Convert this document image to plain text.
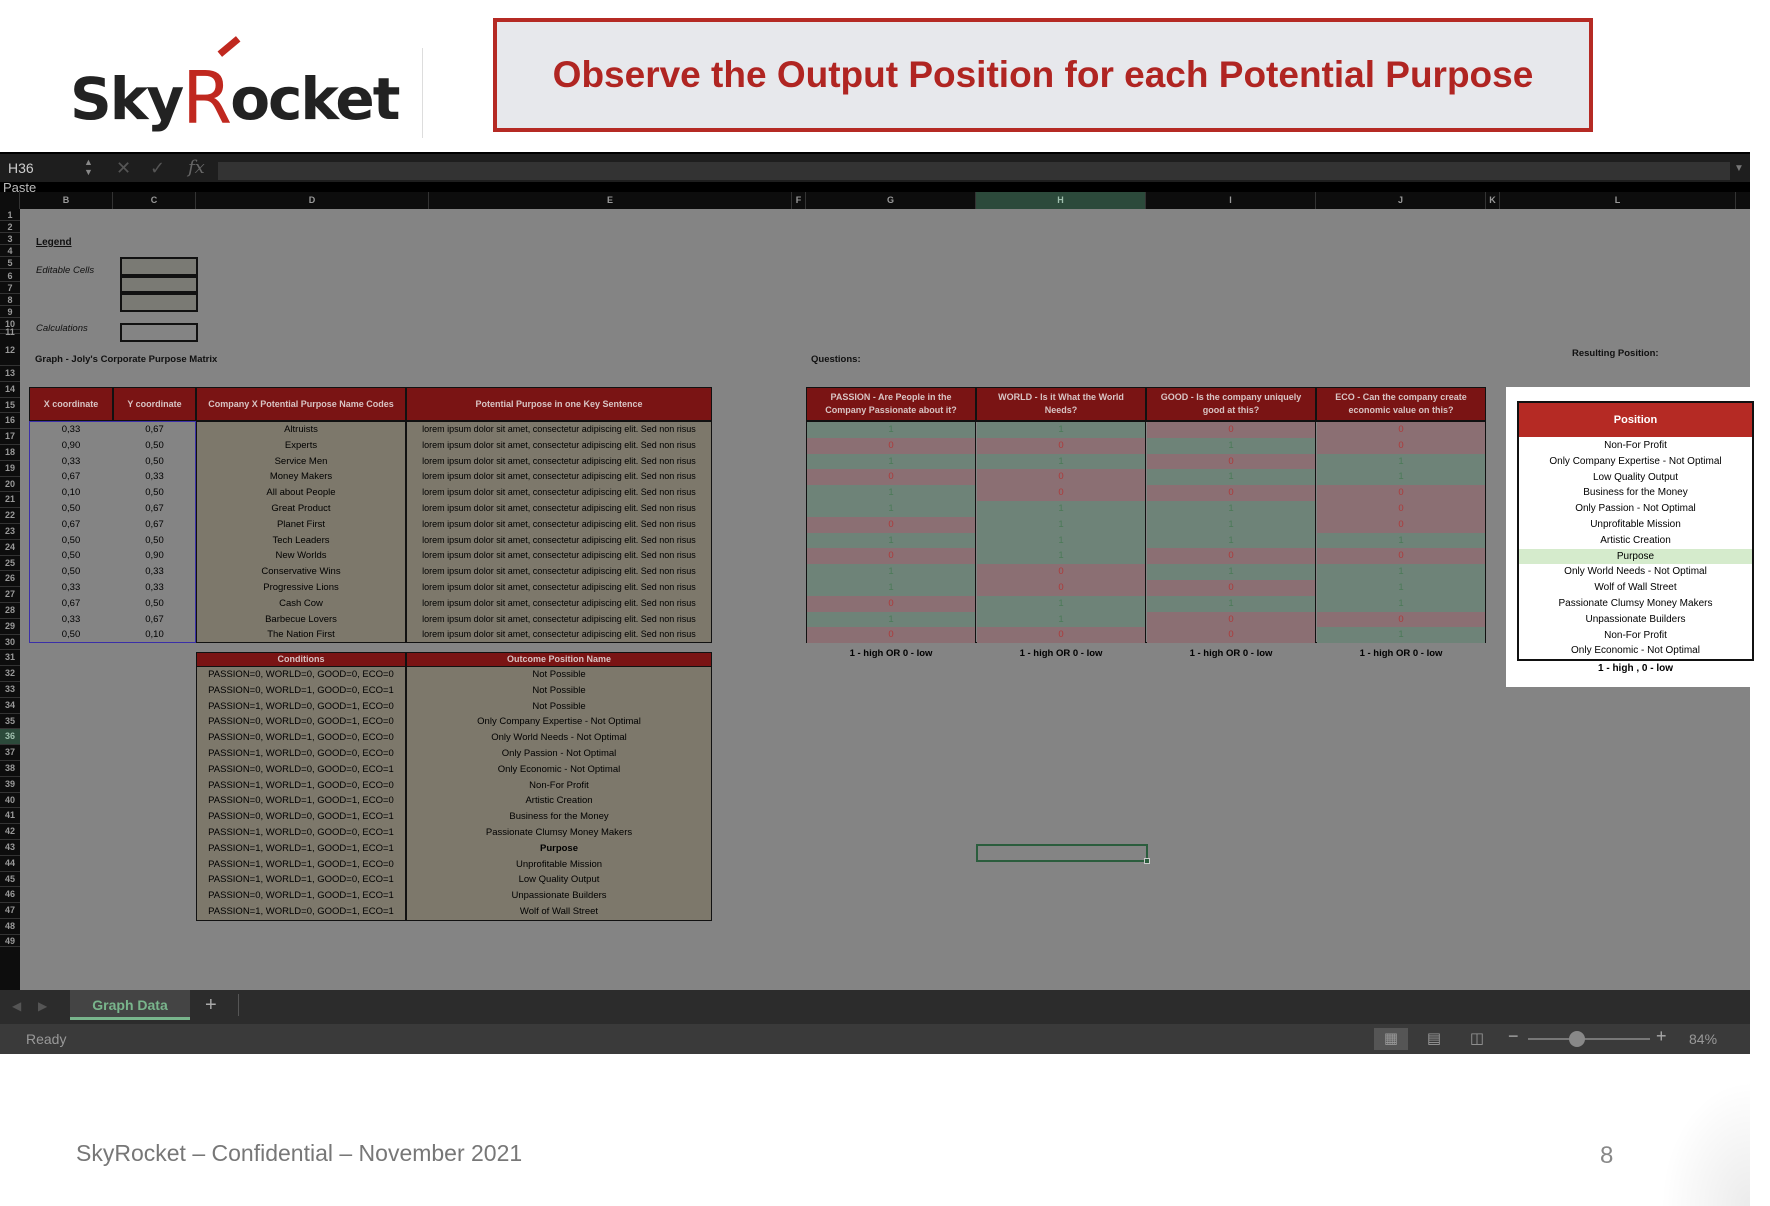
SkyRocket	Observe the Output Position for each Potential Purpose
H36	▲
▼ ✕ ✓ fx	▼
Paste
B	C	D	E	F	G	H	I	J	K	L
1
2
3
4
5
6
7
8
9
10
11
12
13
14
15
16
17
18
19
20
21
22
23
24
25
26
27
28
29
30
31
32
33
34
35
36
37
38
39
40
41
42
43
44
45
46
47
48
49
Legend
Editable Cells
Calculations
Graph - Joly's Corporate Purpose Matrix	Questions:
Resulting Position:
X coordinate	Y coordinate	Company X Potential Purpose Name Codes	Potential Purpose in one Key Sentence
0,33	0,67	Altruists	lorem ipsum dolor sit amet, consectetur adipiscing elit. Sed non risus
0,90	0,50	Experts	lorem ipsum dolor sit amet, consectetur adipiscing elit. Sed non risus
0,33	0,50	Service Men	lorem ipsum dolor sit amet, consectetur adipiscing elit. Sed non risus
0,67	0,33	Money Makers	lorem ipsum dolor sit amet, consectetur adipiscing elit. Sed non risus
0,10	0,50	All about People	lorem ipsum dolor sit amet, consectetur adipiscing elit. Sed non risus
0,50	0,67	Great Product	lorem ipsum dolor sit amet, consectetur adipiscing elit. Sed non risus
0,67	0,67	Planet First	lorem ipsum dolor sit amet, consectetur adipiscing elit. Sed non risus
0,50	0,50	Tech Leaders	lorem ipsum dolor sit amet, consectetur adipiscing elit. Sed non risus
0,50	0,90	New Worlds	lorem ipsum dolor sit amet, consectetur adipiscing elit. Sed non risus
0,50	0,33	Conservative Wins	lorem ipsum dolor sit amet, consectetur adipiscing elit. Sed non risus
0,33	0,33	Progressive Lions	lorem ipsum dolor sit amet, consectetur adipiscing elit. Sed non risus
0,67	0,50	Cash Cow	lorem ipsum dolor sit amet, consectetur adipiscing elit. Sed non risus
0,33	0,67	Barbecue Lovers	lorem ipsum dolor sit amet, consectetur adipiscing elit. Sed non risus
0,50	0,10	The Nation First	lorem ipsum dolor sit amet, consectetur adipiscing elit. Sed non risus
PASSION - Are People in the Company Passionate about it?
WORLD - Is it What the World Needs?
GOOD - Is the company uniquely good at this?
ECO - Can the company create economic value on this?
1	1	0	0
0	0	1	0
1	1	0	1
0	0	1	1
1	0	0	0
1	1	1	0
0	1	1	0
1	1	1	1
0	1	0	0
1	0	1	1
1	0	0	1
0	1	1	1
1	1	0	0
0	0	0	1
1 - high OR 0 - low	1 - high OR 0 - low	1 - high OR 0 - low	1 - high OR 0 - low
Conditions	Outcome Position Name
PASSION=0, WORLD=0, GOOD=0, ECO=0	Not Possible
PASSION=0, WORLD=1, GOOD=0, ECO=1	Not Possible
PASSION=1, WORLD=0, GOOD=1, ECO=0	Not Possible
PASSION=0, WORLD=0, GOOD=1, ECO=0	Only Company Expertise - Not Optimal
PASSION=0, WORLD=1, GOOD=0, ECO=0	Only World Needs - Not Optimal
PASSION=1, WORLD=0, GOOD=0, ECO=0	Only Passion - Not Optimal
PASSION=0, WORLD=0, GOOD=0, ECO=1	Only Economic - Not Optimal
PASSION=1, WORLD=1, GOOD=0, ECO=0	Non-For Profit
PASSION=0, WORLD=1, GOOD=1, ECO=0	Artistic Creation
PASSION=0, WORLD=0, GOOD=1, ECO=1	Business for the Money
PASSION=1, WORLD=0, GOOD=0, ECO=1	Passionate Clumsy Money Makers
PASSION=1, WORLD=1, GOOD=1, ECO=1	Purpose
PASSION=1, WORLD=1, GOOD=1, ECO=0	Unprofitable Mission
PASSION=1, WORLD=1, GOOD=0, ECO=1	Low Quality Output
PASSION=0, WORLD=1, GOOD=1, ECO=1	Unpassionate Builders
PASSION=1, WORLD=0, GOOD=1, ECO=1	Wolf of Wall Street
Position
Non-For Profit
Only Company Expertise - Not Optimal
Low Quality Output
Business for the Money
Only Passion - Not Optimal
Unprofitable Mission
Artistic Creation
Purpose
Only World Needs - Not Optimal
Wolf of Wall Street
Passionate Clumsy Money Makers
Unpassionate Builders
Non-For Profit
Only Economic - Not Optimal
1 - high , 0 - low
◀ ▶	Graph Data	+
Ready	▦	▤	◫	−	+ 84%
SkyRocket – Confidential – November 2021	8
